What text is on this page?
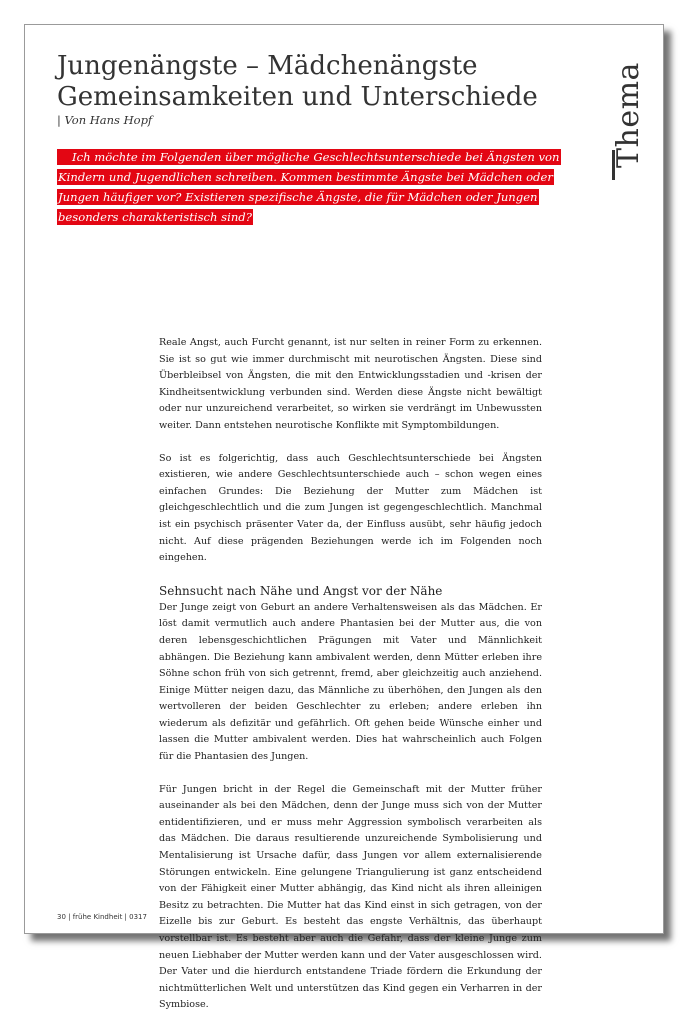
Jungenängste – Mädchenängste
Gemeinsamkeiten und Unterschiede
| Von Hans Hopf	Thema

Ich möchte im Folgenden über mögliche Geschlechtsunterschiede bei Ängsten von Kindern und Jugendlichen schreiben. Kommen bestimmte Ängste bei Mädchen oder Jungen häufiger vor? Existieren spezifische Ängste, die für Mädchen oder Jungen besonders charakteristisch sind?

Reale Angst, auch Furcht genannt, ist nur selten in reiner Form zu erkennen. Sie ist so gut wie immer durchmischt mit neurotischen Ängsten. Diese sind Überbleibsel von Ängsten, die mit den Entwicklungsstadien und -krisen der Kindheitsentwicklung verbunden sind. Werden diese Ängste nicht bewältigt oder nur unzureichend verarbeitet, so wirken sie verdrängt im Unbewussten weiter. Dann entstehen neurotische Konflikte mit Symptombildungen.

So ist es folgerichtig, dass auch Geschlechtsunterschiede bei Ängsten existieren, wie andere Geschlechtsunterschiede auch – schon wegen eines einfachen Grundes: Die Beziehung der Mutter zum Mädchen ist gleichgeschlechtlich und die zum Jungen ist gegengeschlechtlich. Manchmal ist ein psychisch präsenter Vater da, der Einfluss ausübt, sehr häufig jedoch nicht. Auf diese prägenden Beziehungen werde ich im Folgenden noch eingehen.

Sehnsucht nach Nähe und Angst vor der Nähe

Der Junge zeigt von Geburt an andere Verhaltensweisen als das Mädchen. Er löst damit vermutlich auch andere Phantasien bei der Mutter aus, die von deren lebensgeschichtlichen Prägungen mit Vater und Männlichkeit abhängen. Die Beziehung kann ambivalent werden, denn Mütter erleben ihre Söhne schon früh von sich getrennt, fremd, aber gleichzeitig auch anziehend. Einige Mütter neigen dazu, das Männliche zu überhöhen, den Jungen als den wertvolleren der beiden Geschlechter zu erleben; andere erleben ihn wiederum als defizitär und gefährlich. Oft gehen beide Wünsche einher und lassen die Mutter ambivalent werden. Dies hat wahrscheinlich auch Folgen für die Phantasien des Jungen.

Für Jungen bricht in der Regel die Gemeinschaft mit der Mutter früher auseinander als bei den Mädchen, denn der Junge muss sich von der Mutter entidentifizieren, und er muss mehr Aggression symbolisch verarbeiten als das Mädchen. Die daraus resultierende unzureichende Symbolisierung und Mentalisierung ist Ursache dafür, dass Jungen vor allem externalisierende Störungen entwickeln. Eine gelungene Triangulierung ist ganz entscheidend von der Fähigkeit einer Mutter abhängig, das Kind nicht als ihren alleinigen Besitz zu betrachten. Die Mutter hat das Kind einst in sich getragen, von der Eizelle bis zur Geburt. Es besteht das engste Verhältnis, das überhaupt vorstellbar ist. Es besteht aber auch die Gefahr, dass der kleine Junge zum neuen Liebhaber der Mutter werden kann und der Vater ausgeschlossen wird. Der Vater und die hierdurch entstandene Triade fördern die Erkundung der nichtmütterlichen Welt und unterstützen das Kind gegen ein Verharren in der Symbiose.

30 | frühe Kindheit | 0317
